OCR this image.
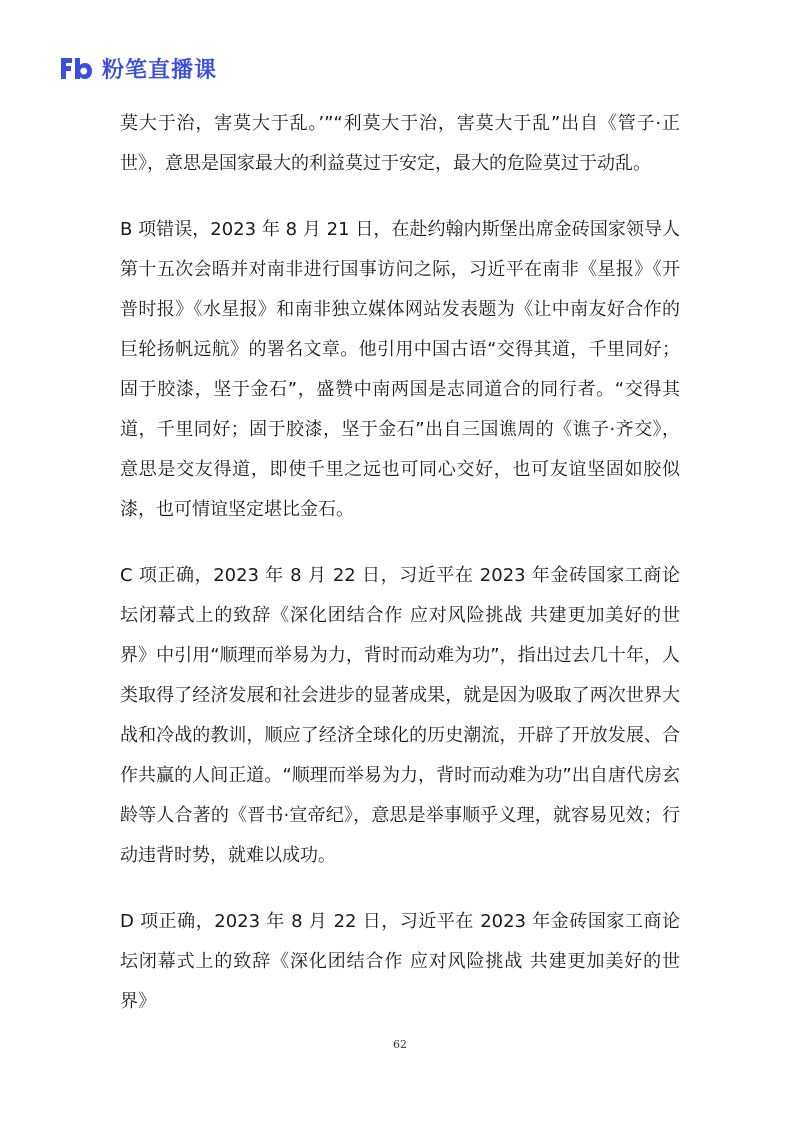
粉笔直播课

莫大于治，害莫大于乱。’”“利莫大于治，害莫大于乱”出自《管子·正世》，意思是国家最大的利益莫过于安定，最大的危险莫过于动乱。

B 项错误，2023 年 8 月 21 日，在赴约翰内斯堡出席金砖国家领导人第十五次会晤并对南非进行国事访问之际，习近平在南非《星报》《开普时报》《水星报》和南非独立媒体网站发表题为《让中南友好合作的巨轮扬帆远航》的署名文章。他引用中国古语“交得其道，千里同好；固于胶漆，坚于金石”，盛赞中南两国是志同道合的同行者。“交得其道，千里同好；固于胶漆，坚于金石”出自三国谯周的《谯子·齐交》，意思是交友得道，即使千里之远也可同心交好，也可友谊坚固如胶似漆，也可情谊坚定堪比金石。

C 项正确，2023 年 8 月 22 日，习近平在 2023 年金砖国家工商论坛闭幕式上的致辞《深化团结合作 应对风险挑战 共建更加美好的世界》中引用“顺理而举易为力，背时而动难为功”，指出过去几十年，人类取得了经济发展和社会进步的显著成果，就是因为吸取了两次世界大战和冷战的教训，顺应了经济全球化的历史潮流，开辟了开放发展、合作共赢的人间正道。“顺理而举易为力，背时而动难为功”出自唐代房玄龄等人合著的《晋书·宣帝纪》，意思是举事顺乎义理，就容易见效；行动违背时势，就难以成功。

D 项正确，2023 年 8 月 22 日，习近平在 2023 年金砖国家工商论坛闭幕式上的致辞《深化团结合作 应对风险挑战 共建更加美好的世界》

62
